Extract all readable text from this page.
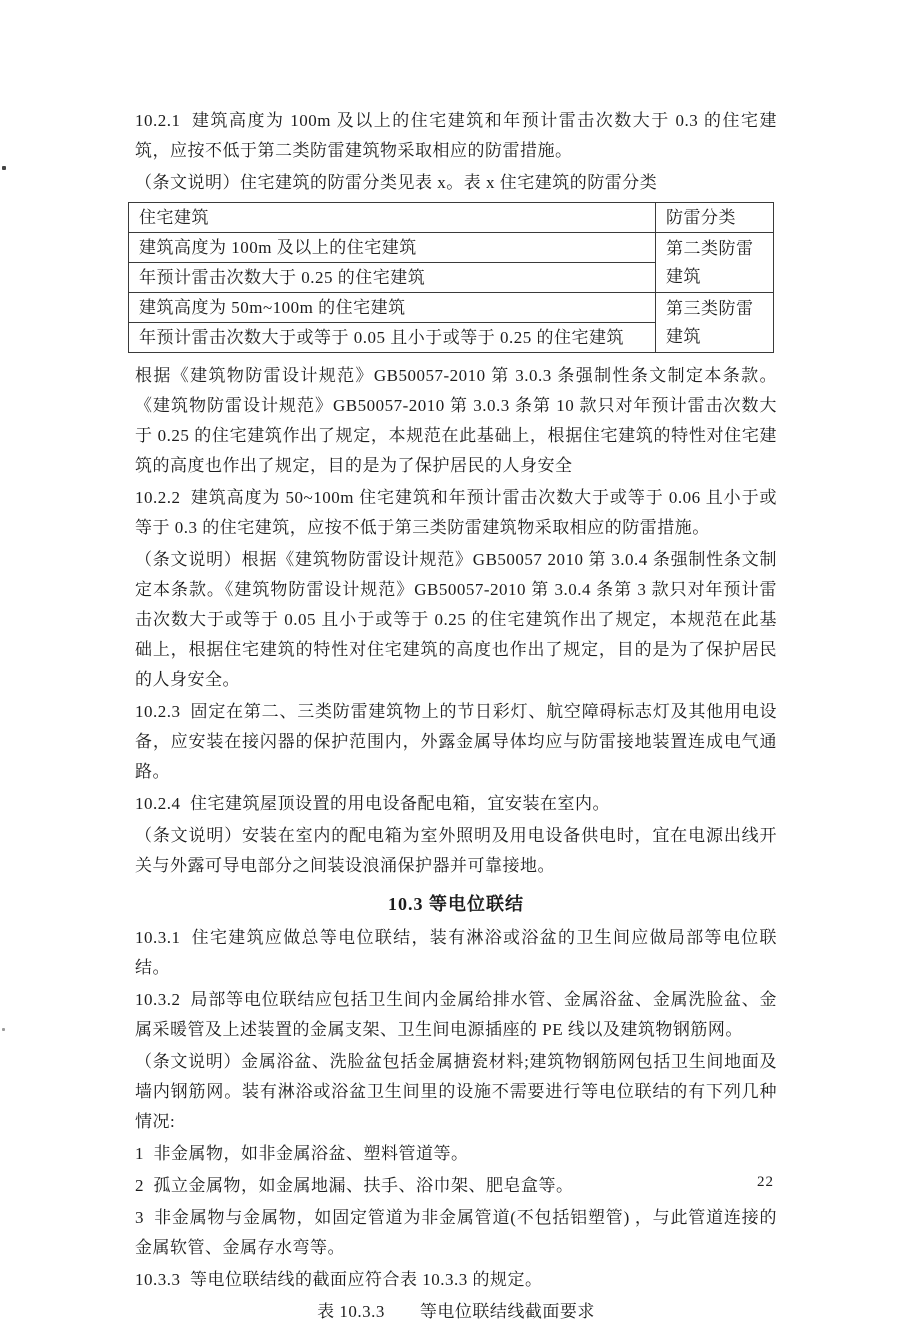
10.2.1  建筑高度为 100m 及以上的住宅建筑和年预计雷击次数大于 0.3 的住宅建筑，应按不低于第二类防雷建筑物采取相应的防雷措施。

（条文说明）住宅建筑的防雷分类见表 x。表 x 住宅建筑的防雷分类

住宅建筑	防雷分类
建筑高度为 100m 及以上的住宅建筑	第二类防雷建筑
年预计雷击次数大于 0.25 的住宅建筑	
建筑高度为 50m~100m 的住宅建筑	第三类防雷建筑
年预计雷击次数大于或等于 0.05 且小于或等于 0.25 的住宅建筑	

根据《建筑物防雷设计规范》GB50057-2010 第 3.0.3 条强制性条文制定本条款。《建筑物防雷设计规范》GB50057-2010 第 3.0.3 条第 10 款只对年预计雷击次数大于 0.25 的住宅建筑作出了规定，本规范在此基础上，根据住宅建筑的特性对住宅建筑的高度也作出了规定，目的是为了保护居民的人身安全

10.2.2  建筑高度为 50~100m 住宅建筑和年预计雷击次数大于或等于 0.06 且小于或等于 0.3 的住宅建筑，应按不低于第三类防雷建筑物采取相应的防雷措施。

（条文说明）根据《建筑物防雷设计规范》GB50057 2010 第 3.0.4 条强制性条文制定本条款。《建筑物防雷设计规范》GB50057-2010 第 3.0.4 条第 3 款只对年预计雷击次数大于或等于 0.05 且小于或等于 0.25 的住宅建筑作出了规定，本规范在此基础上，根据住宅建筑的特性对住宅建筑的高度也作出了规定，目的是为了保护居民的人身安全。

10.2.3  固定在第二、三类防雷建筑物上的节日彩灯、航空障碍标志灯及其他用电设备，应安装在接闪器的保护范围内，外露金属导体均应与防雷接地装置连成电气通路。

10.2.4  住宅建筑屋顶设置的用电设备配电箱，宜安装在室内。

（条文说明）安装在室内的配电箱为室外照明及用电设备供电时，宜在电源出线开关与外露可导电部分之间装设浪涌保护器并可靠接地。

10.3 等电位联结

10.3.1  住宅建筑应做总等电位联结，装有淋浴或浴盆的卫生间应做局部等电位联结。

10.3.2  局部等电位联结应包括卫生间内金属给排水管、金属浴盆、金属洗脸盆、金属采暖管及上述装置的金属支架、卫生间电源插座的 PE 线以及建筑物钢筋网。

（条文说明）金属浴盆、洗脸盆包括金属搪瓷材料;建筑物钢筋网包括卫生间地面及墙内钢筋网。装有淋浴或浴盆卫生间里的设施不需要进行等电位联结的有下列几种情况:

1  非金属物，如非金属浴盆、塑料管道等。

2  孤立金属物，如金属地漏、扶手、浴巾架、肥皂盒等。

3  非金属物与金属物，如固定管道为非金属管道(不包括铝塑管) ，与此管道连接的金属软管、金属存水弯等。

10.3.3  等电位联结线的截面应符合表 10.3.3 的规定。

表 10.3.3　　等电位联结线截面要求

22
